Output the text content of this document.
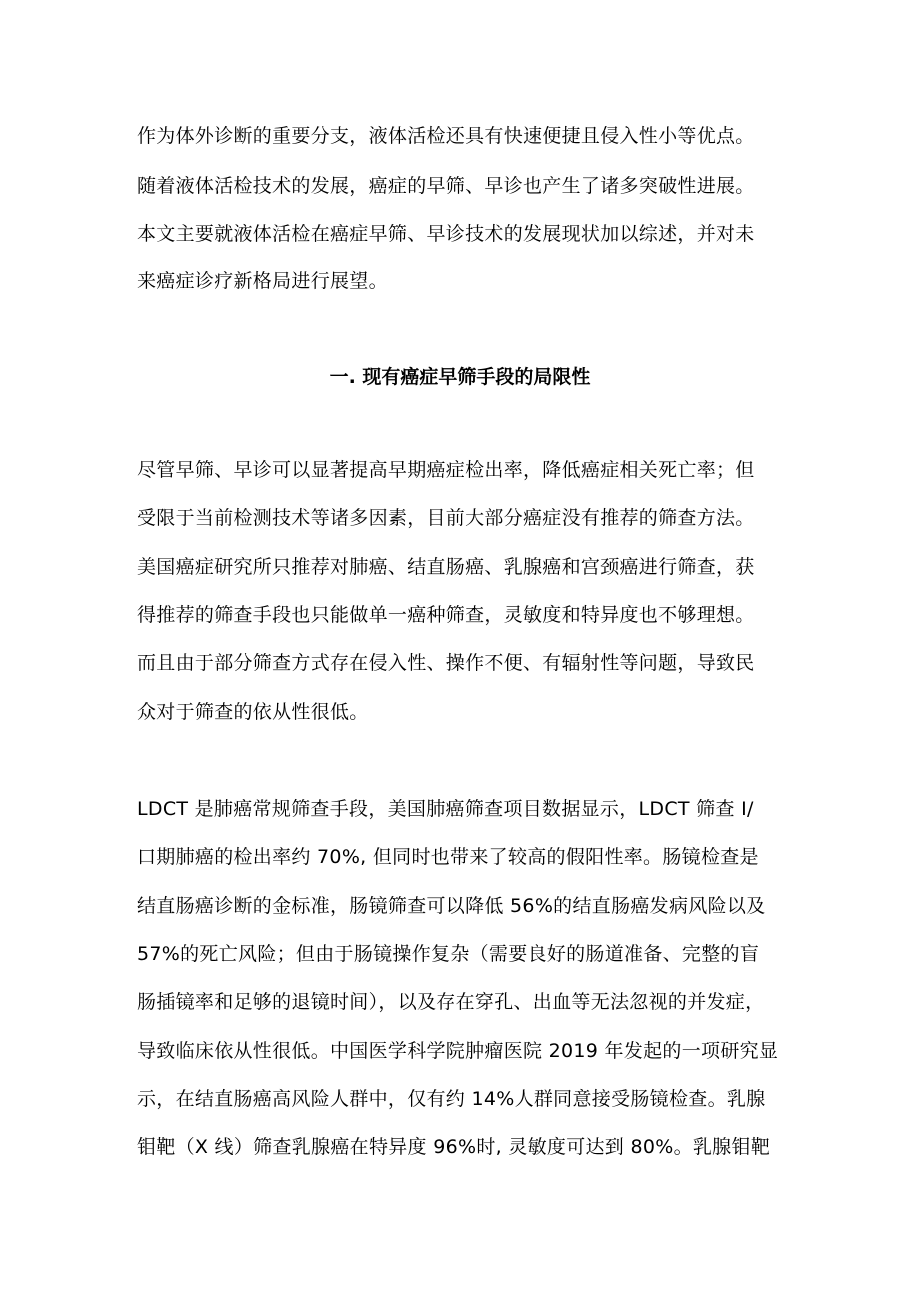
作为体外诊断的重要分支，液体活检还具有快速便捷且侵入性小等优点。
随着液体活检技术的发展，癌症的早筛、早诊也产生了诸多突破性进展。
本文主要就液体活检在癌症早筛、早诊技术的发展现状加以综述，并对未
来癌症诊疗新格局进行展望。
一. 现有癌症早筛手段的局限性
尽管早筛、早诊可以显著提高早期癌症检出率，降低癌症相关死亡率；但
受限于当前检测技术等诸多因素，目前大部分癌症没有推荐的筛查方法。
美国癌症研究所只推荐对肺癌、结直肠癌、乳腺癌和宫颈癌进行筛查，获
得推荐的筛查手段也只能做单一癌种筛查，灵敏度和特异度也不够理想。
而且由于部分筛查方式存在侵入性、操作不便、有辐射性等问题，导致民
众对于筛查的依从性很低。
LDCT 是肺癌常规筛查手段，美国肺癌筛查项目数据显示，LDCT 筛查 I/
口期肺癌的检出率约 70%, 但同时也带来了较高的假阳性率。肠镜检查是
结直肠癌诊断的金标准，肠镜筛查可以降低 56%的结直肠癌发病风险以及
57%的死亡风险；但由于肠镜操作复杂（需要良好的肠道准备、完整的盲
肠插镜率和足够的退镜时间），以及存在穿孔、出血等无法忽视的并发症，
导致临床依从性很低。中国医学科学院肿瘤医院 2019 年发起的一项研究显
示，在结直肠癌高风险人群中，仅有约 14%人群同意接受肠镜检查。乳腺
钼靶（X 线）筛查乳腺癌在特异度 96%时, 灵敏度可达到 80%。乳腺钼靶
